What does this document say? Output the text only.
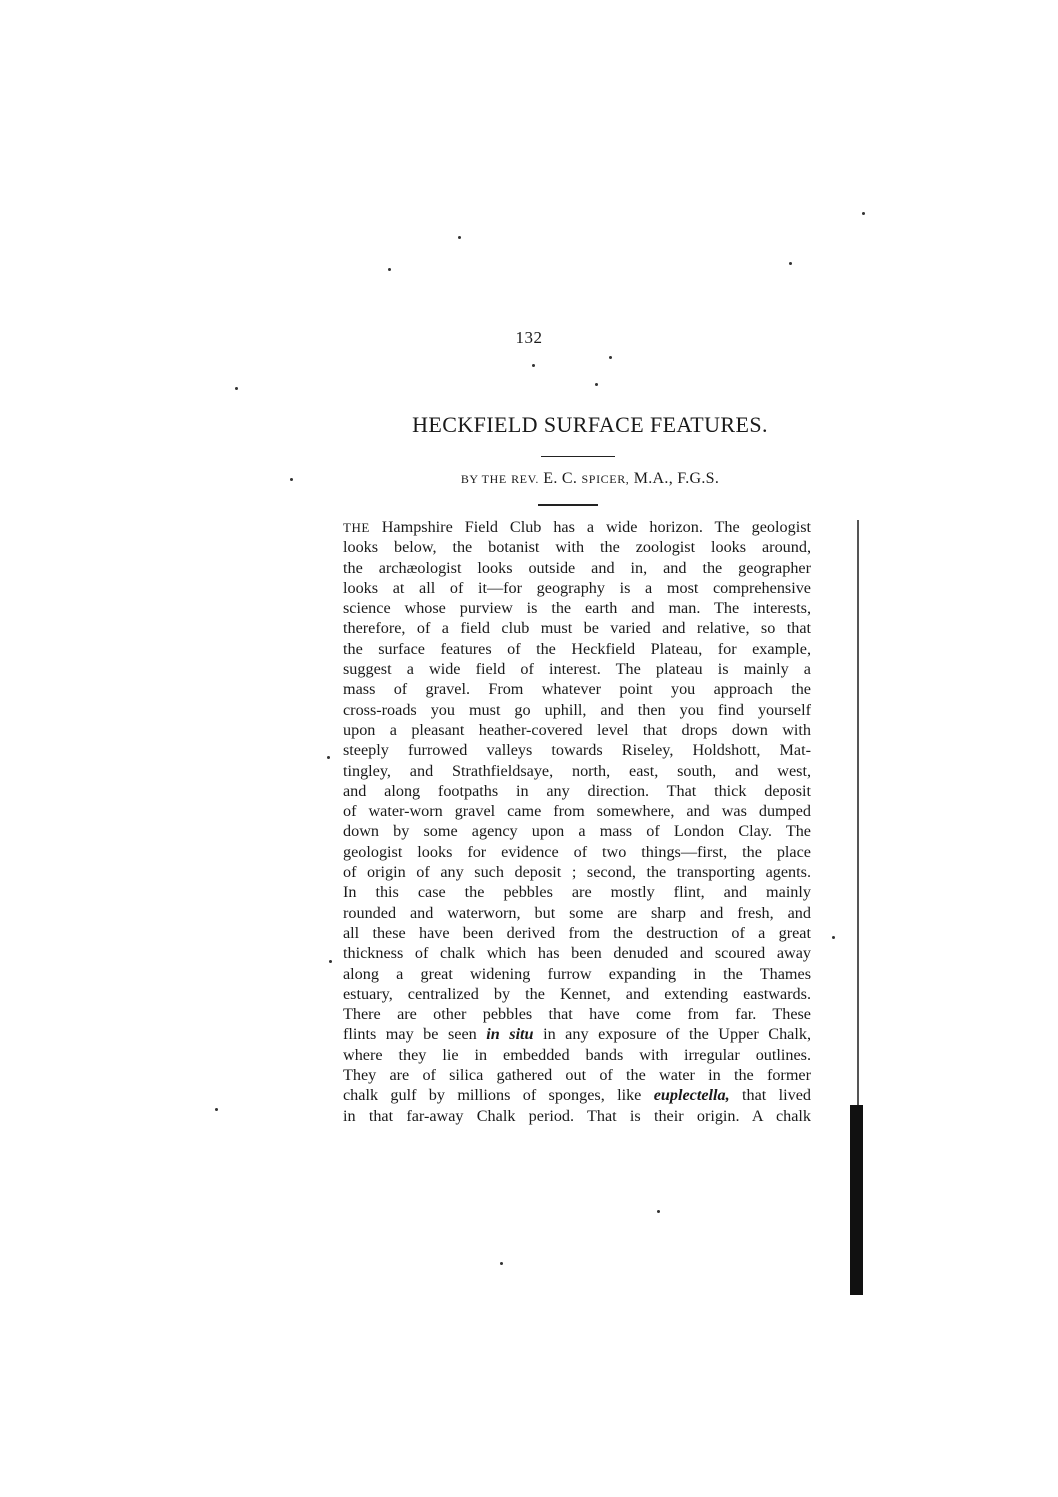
132
HECKFIELD SURFACE FEATURES.
BY THE REV. E. C. SPICER, M.A., F.G.S.
THE Hampshire Field Club has a wide horizon. The geologist
looks below, the botanist with the zoologist looks around,
the archæologist looks outside and in, and the geographer
looks at all of it—for geography is a most comprehensive
science whose purview is the earth and man. The interests,
therefore, of a field club must be varied and relative, so that
the surface features of the Heckfield Plateau, for example,
suggest a wide field of interest. The plateau is mainly a
mass of gravel. From whatever point you approach the
cross-roads you must go uphill, and then you find yourself
upon a pleasant heather-covered level that drops down with
steeply furrowed valleys towards Riseley, Holdshott, Mat-
tingley, and Strathfieldsaye, north, east, south, and west,
and along footpaths in any direction. That thick deposit
of water-worn gravel came from somewhere, and was dumped
down by some agency upon a mass of London Clay. The
geologist looks for evidence of two things—first, the place
of origin of any such deposit ; second, the transporting agents.
In this case the pebbles are mostly flint, and mainly
rounded and waterworn, but some are sharp and fresh, and
all these have been derived from the destruction of a great
thickness of chalk which has been denuded and scoured away
along a great widening furrow expanding in the Thames
estuary, centralized by the Kennet, and extending eastwards.
There are other pebbles that have come from far. These
flints may be seen in situ in any exposure of the Upper Chalk,
where they lie in embedded bands with irregular outlines.
They are of silica gathered out of the water in the former
chalk gulf by millions of sponges, like euplectella, that lived
in that far-away Chalk period. That is their origin. A chalk
